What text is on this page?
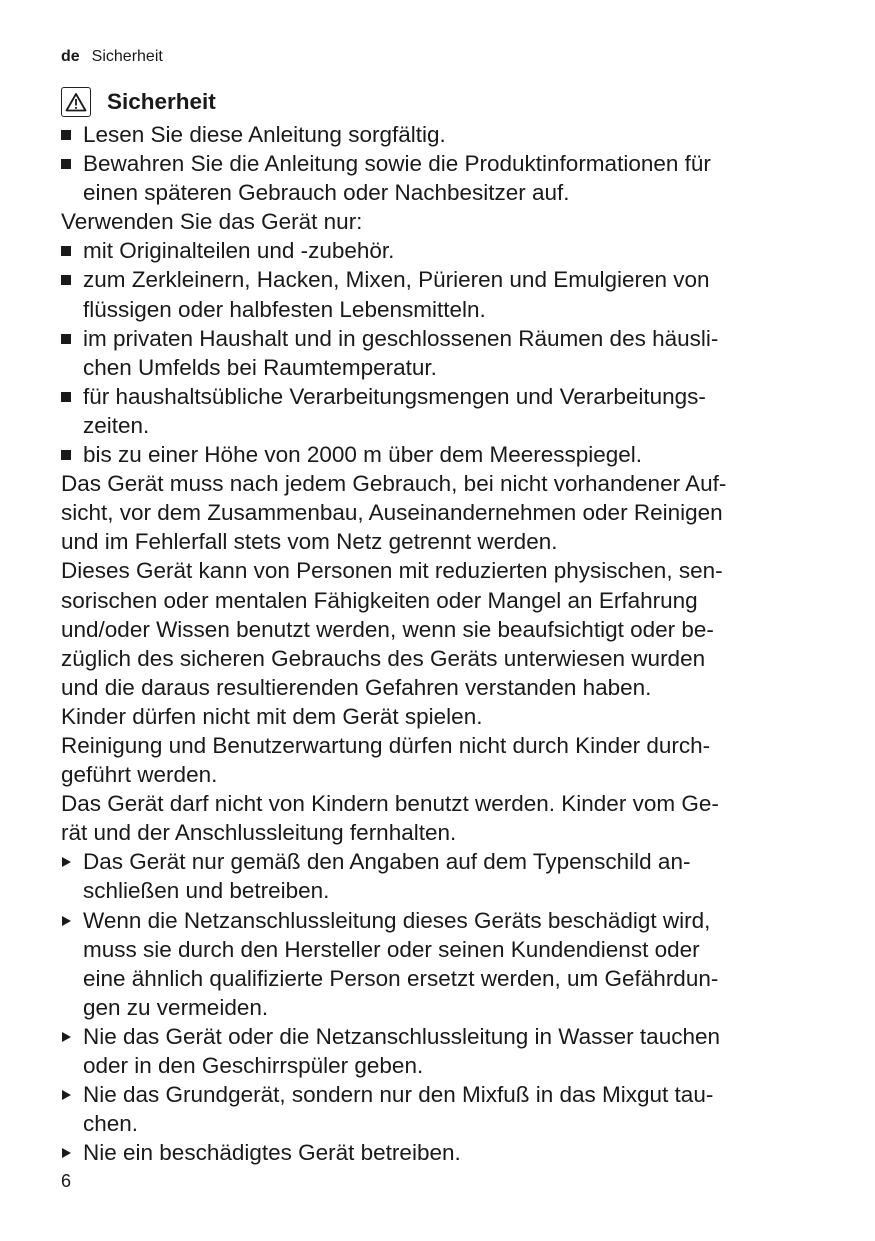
de Sicherheit
Sicherheit
Lesen Sie diese Anleitung sorgfältig.
Bewahren Sie die Anleitung sowie die Produktinformationen für
einen späteren Gebrauch oder Nachbesitzer auf.
Verwenden Sie das Gerät nur:
mit Originalteilen und -zubehör.
zum Zerkleinern, Hacken, Mixen, Pürieren und Emulgieren von
flüssigen oder halbfesten Lebensmitteln.
im privaten Haushalt und in geschlossenen Räumen des häusli-
chen Umfelds bei Raumtemperatur.
für haushaltsübliche Verarbeitungsmengen und Verarbeitungs-
zeiten.
bis zu einer Höhe von 2000 m über dem Meeresspiegel.
Das Gerät muss nach jedem Gebrauch, bei nicht vorhandener Auf-
sicht, vor dem Zusammenbau, Auseinandernehmen oder Reinigen
und im Fehlerfall stets vom Netz getrennt werden.
Dieses Gerät kann von Personen mit reduzierten physischen, sen-
sorischen oder mentalen Fähigkeiten oder Mangel an Erfahrung
und/oder Wissen benutzt werden, wenn sie beaufsichtigt oder be-
züglich des sicheren Gebrauchs des Geräts unterwiesen wurden
und die daraus resultierenden Gefahren verstanden haben.
Kinder dürfen nicht mit dem Gerät spielen.
Reinigung und Benutzerwartung dürfen nicht durch Kinder durch-
geführt werden.
Das Gerät darf nicht von Kindern benutzt werden. Kinder vom Ge-
rät und der Anschlussleitung fernhalten.
Das Gerät nur gemäß den Angaben auf dem Typenschild an-
schließen und betreiben.
Wenn die Netzanschlussleitung dieses Geräts beschädigt wird,
muss sie durch den Hersteller oder seinen Kundendienst oder
eine ähnlich qualifizierte Person ersetzt werden, um Gefährdun-
gen zu vermeiden.
Nie das Gerät oder die Netzanschlussleitung in Wasser tauchen
oder in den Geschirrspüler geben.
Nie das Grundgerät, sondern nur den Mixfuß in das Mixgut tau-
chen.
Nie ein beschädigtes Gerät betreiben.
6
